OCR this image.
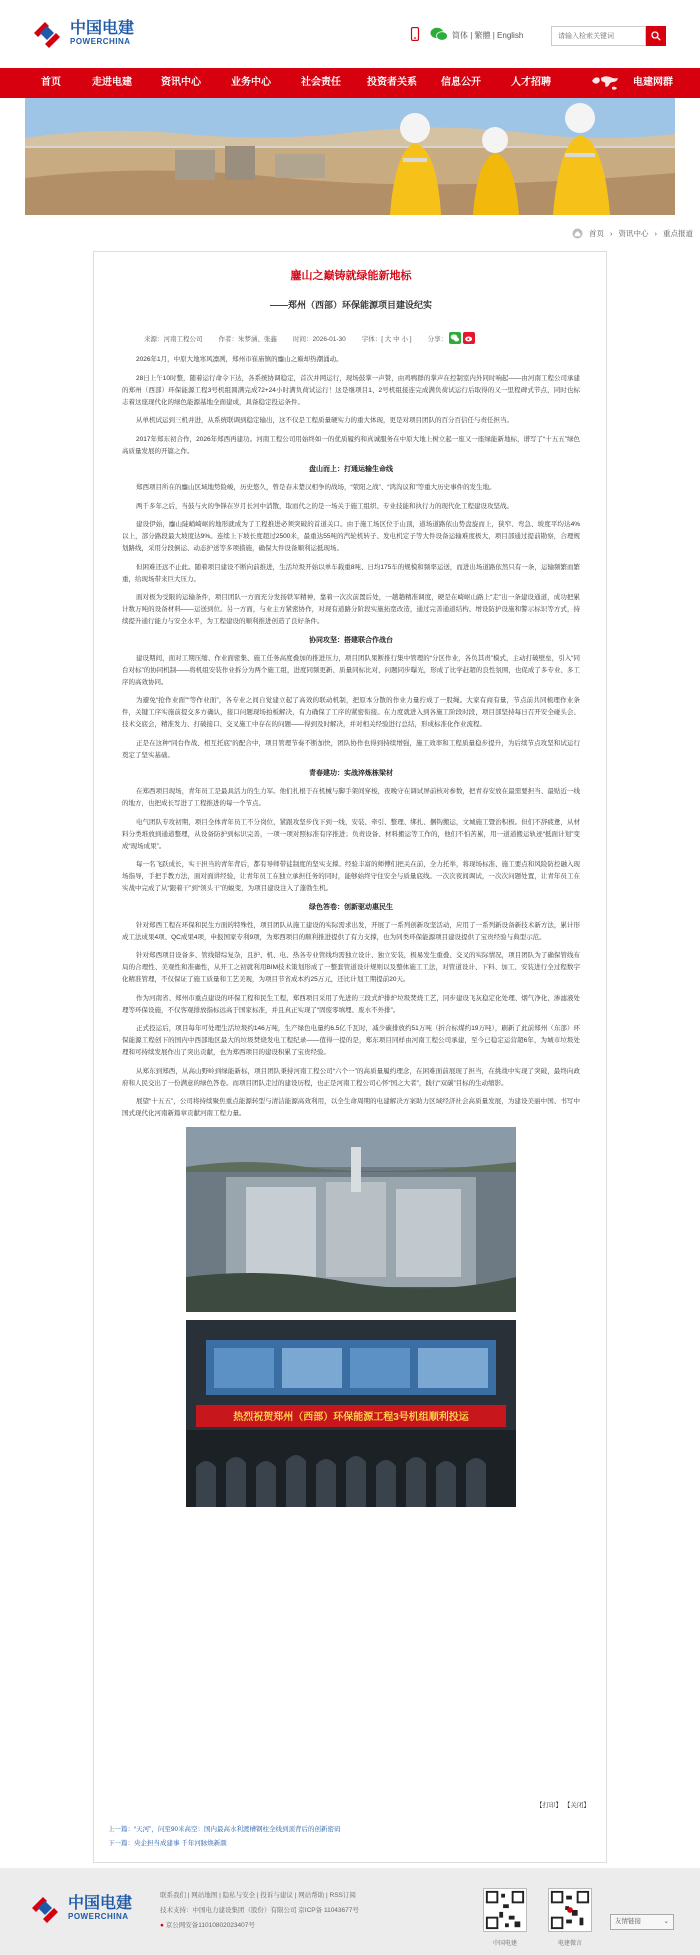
中国电建
POWERCHINA
简体 | 繁體 | English
请输入检索关键词
首页	走进电建	资讯中心	业务中心	社会责任	投资者关系 信息公开	人才招聘	电建网群
首页 › 资讯中心 › 重点报道
鏖山之巅铸就绿能新地标
——郑州（西部）环保能源项目建设纪实
来源：河南工程公司 作者：朱梦涵、张鑫 时间：2026-01-30 字体：[ 大 中 小 ] 分享：

2026年1月，中原大地寒风凛冽，郑州市崔庙镇的鏖山之巅却热潮涌动。

28日上午10时整，随着运行命令下达，各系统协调稳定，首次并网运行，现场鼓掌一声赞，由鸡鸭群的掌声在控制室内外同时响起——由河南工程公司承建的郑州（西部）环保能源工程3号机组圆满完成72+24小时满负荷试运行！这是继项目1、2号机组接连完成满负荷试运行后取得的又一里程碑式节点，同时也标志着这座现代化的绿色能源基地全面建成，具备稳定投运条件。

从单机试运到三机并进，从系统联调到稳定输出，这不仅是工程质量硬实力的重大体现，更是对项目团队的百分百信任与责任担当。

2017年郑东初合作，2026年郑西再建功。河南工程公司用始终如一的优质履约和真诚服务在中原大地上树立起一座又一座绿能新地标，谱写了“十五五”绿色高质量发展的开篇之作。

盘山而上：打通运输生命线

郑西项目所在的鏖山区域地势险峻，历史悠久，曾是春末楚汉相争的战场，“荥阳之战”、“鸿沟议和”等重大历史事件的发生地。

两千多年之后，当鼓与火的争锋在岁月长河中消散，取而代之的是一场关于施工组织、专业技能和执行力的现代化工程建设攻坚战。

建设伊始，鏖山陡峭崎岖的地形就成为了工程推进必须突破的首道关口。由于施工场区位于山顶，道场道路依山势盘旋而上，狭窄、弯急、坡度平均达4%以上，部分路段最大坡度达9%。连续上下坡长度超过2500米，最重达55吨的汽轮机转子、发电机定子等大件设备运输难度极大，项目部通过提前勘察，合理规划路线，采用分段倒运、动态护送等多项措施，确保大件设备顺利运抵现场。

但困难还远不止此。随着项目建设不断向前推进，生活垃圾开始以单车载重8吨、日均175车的规模和频率运送，而进出场道路依然只有一条，运输频繁而繁重，给现场带来巨大压力。

面对极为受限的运输条件，项目团队一方面充分发扬铁军精神，靠着一次次前置后处，一趟趟精准调度，硬是在崎岖山路上“走”出一条建设通道，成功把累计数万吨的设备材料——运送到位。另一方面，与业主方紧密协作，对现有道路分阶段实施拓宽改造，通过完善通道结构、增设防护设施和警示标识等方式，持续提升通行能力与安全水平，为工程建设的顺利推进创造了良好条件。

协同攻坚：搭建联合作战台

建设期间，面对工期压缩、作业面密集、施工任务高度叠加的推进压力，项目团队果断推行集中管理的“分区作业，各负其责”模式，主动打破壁垒，引入“同台对标”的协同机制——将机组安装作业拆分为两个施工组，进度同频更新、质量同标比对，问题同步曝光，形成了比学赶超的良性氛围，也促成了多专业、多工序的高效协同。

为避免“抢作业面”“等作业面”，各专业之间自觉建立起了高效的联动机制，把原本分散的作业力量拧成了一股绳。大家有商有量，节点前共同梳理作业条件，关键工序实施前提交多方确认，接口问题现场拍板解决，有力确保了工序的紧密衔接。在力度就进入到各施工阶段时段，项目部坚持每日召开安全碰头会、技术交底会，精准发力、打破接口、交叉施工中存在的问题——得到及时解决，并对相关经验进行总结，形成标准化作业流程。

正是在这种“同台作战、相互托底”的配合中，项目管理节奏不断加快，团队协作也得到持续增强，施工效率和工程质量稳步提升，为后续节点攻坚和试运行奠定了坚实基础。

青春建功：实战淬炼栋梁材

在郑西项目现场，青年员工是最具活力的生力军。他们扎根于在机械与脚手架间穿梭，夜晚守在调试屏前核对参数，把青春安放在最需要担当、最贴近一线的地方，也把成长写进了工程推进的每一个节点。

电气团队专攻初期，项目全体青年员工不分岗位，紧跟攻坚步伐下到一线，安装、牵引、整理、绑扎、捆钩搬运，文城施工暨治积极。但们不辞疲惫，从材料分类堆放到通道整理，从设备防护到标识完善，一项一项对照标准有序推进；负责设备、材料搬运等工作的，他们不怕苦累，用一道道搬运轨迹“抵面计划”变成“现场成果”。

每一名飞跃成长，实干担当的青年背后，都有导师带徒制度的坚实支撑。经验丰富的师傅们把关在前，全力托举，将现场标准、施工要点和风险防控融入现场指导，手把手教方法，面对面讲经验，让青年员工在独立承担任务的同时，能够始终守住安全与质量底线。一次次夜间调试，一次次问题处置，让青年员工在实战中完成了从“跟着干”到“领头干”的蜕变，为项目建设注入了蓬勃生机。

绿色答卷：创新驱动惠民生

针对郑西工程在环保和民生方面的特殊性，项目团队从施工建设的实际需求出发，开展了一系列创新攻坚活动，应用了一系列新设备新技术新方法，累计形成工法成果4项、QC成果4项，申报国家专利9项，为郑西项目的顺利推进提供了有力支撑，也为同类环保能源项目建设提供了宝贵经验与典型示范。

针对郑西项目设备多、管线错综复杂，且护、机、电、热各专业管线均需独立设计、独立安装，极易发生重叠、交叉的实际情况，项目团队为了确保管线布局的合理性、美观性和准确性，从开工之初就利用BIM技术策划形成了一整套管道设计规则以及整体施工工法，对管道设计、下料、加工、安装进行全过程数字化精准管理，不仅保证了施工质量和工艺美观，为项目节省成本约25万元，还比计划工期提前20天。

作为河南省、郑州市重点建设的环保工程和民生工程，郑西项目采用了先进的三段式炉排炉垃圾焚烧工艺，同步建设飞灰稳定化处理、烟气净化、渗滤液处理等环保设施，不仅客观排放指标远高于国家标准，并且真正实现了“固废零填埋、废水不外排”。

正式投运后，项目每年可处理生活垃圾约146万吨，生产绿色电量约6.5亿千瓦时，减少碳排放约51万吨（折合标煤约19万吨），刷新了此前郑州（东部）环保能源工程创下的国内中西部地区最大的垃圾焚烧发电工程纪录——值得一提的是，郑东项目同样由河南工程公司承建，至今已稳定运营超6年，为城市垃圾处理和可持续发展作出了突出贡献，也为郑西项目的建设积累了宝贵经验。

从郑东到郑西，从高山野岭到绿能新标，项目团队秉持河南工程公司“六个一”的高质量履约理念，在困难面前展现了担当，在挑战中实现了突破，最终向政府和人民交出了一份满意的绿色答卷。而项目团队走过的建设历程，也正是河南工程公司心怀“国之大者”，践行“双碳”目标的生动缩影。

展望“十五五”，公司将持续聚焦重点能源转型与清洁能源高效利用，以全生命周期的电建解决方案助力区域经济社会高质量发展，为建设美丽中国、书写中国式现代化河南新篇章贡献河南工程力量。

热烈祝贺郑州（西部）环保能源工程3号机组顺利投运
【打印】 【关闭】
上一篇：“天河”，问至90米高空：国内最高水利渡槽钢柱全线到顶背后的创新密码
下一篇：央企担当成建事 千年河脉焕新颜
中国电建
POWERCHINA
联系我们 | 网站地图 | 隐私与安全 | 投诉与建议 | 网站帮助 | RSS订阅
技术支持：中国电力建设集团（股份）有限公司 京ICP备 11043677号
● 京公网安备11010802023407号
中国电建	电建微言
友情链接	⌄
